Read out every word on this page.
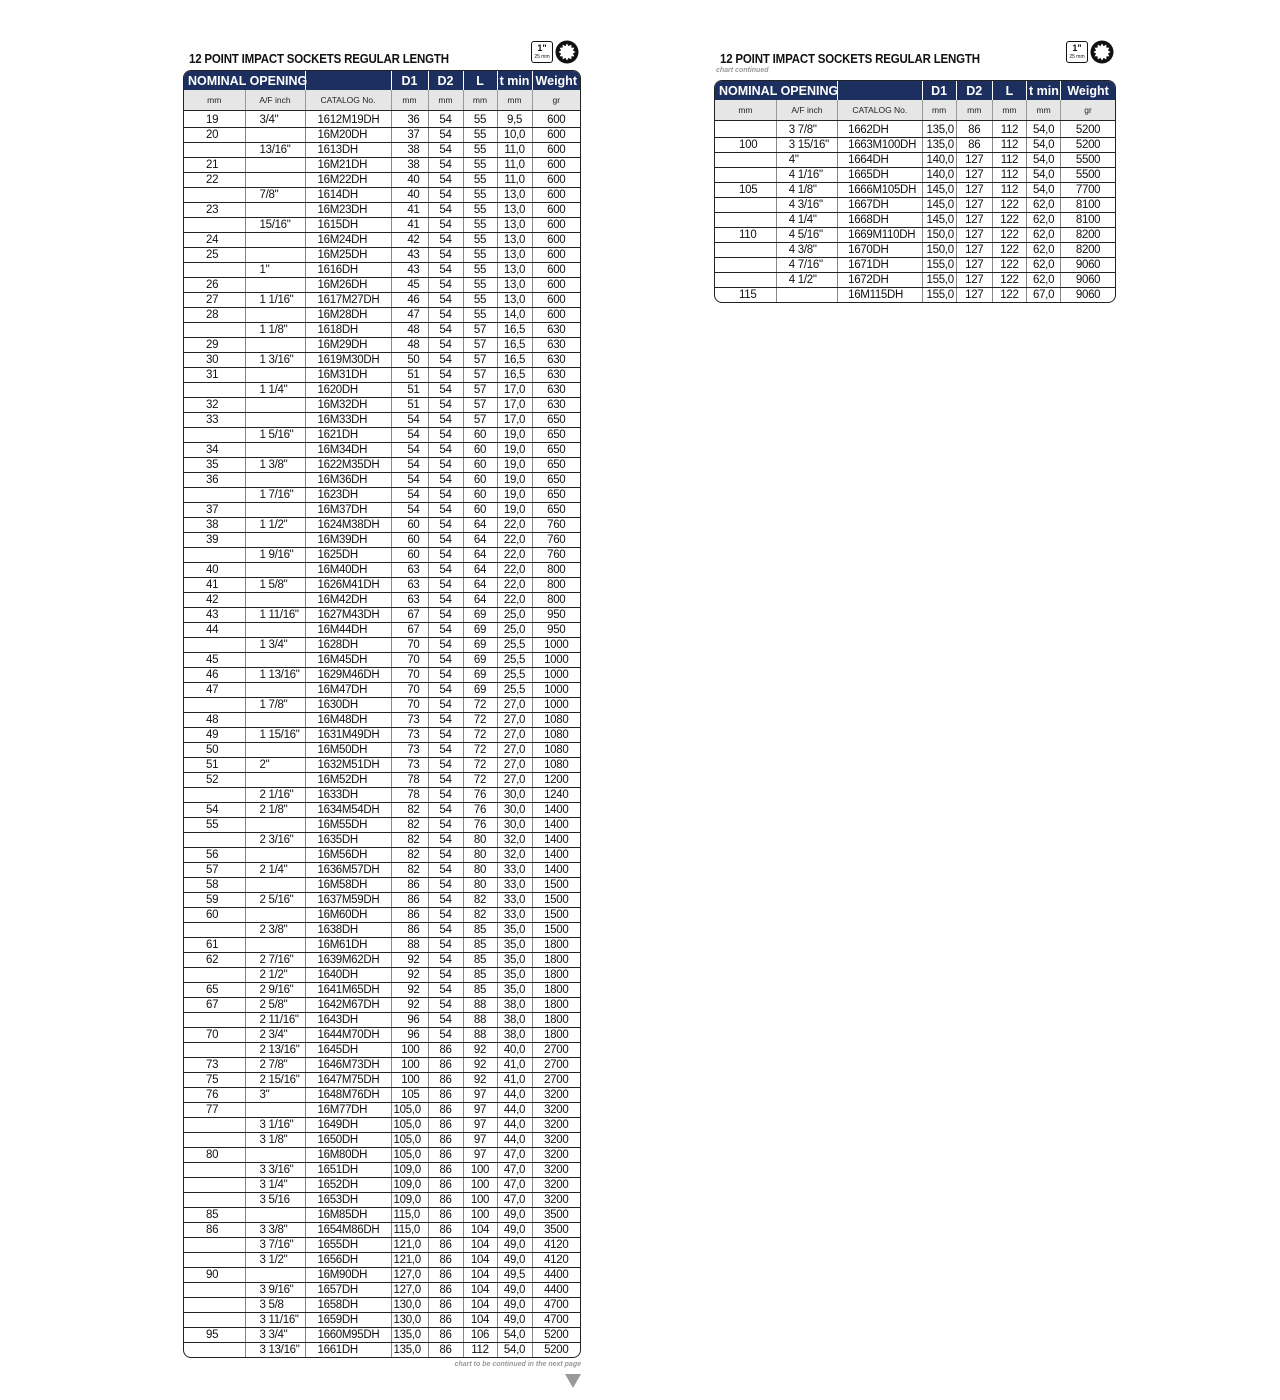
12 POINT IMPACT SOCKETS REGULAR LENGTH
1"
25 mm
NOMINAL OPENING			D1	D2	L	t min	Weight
mm	A/F inch	CATALOG No.	mm	mm	mm	mm	gr
19	3/4"	1612M19DH	36	54	55	9,5	600
20		16M20DH	37	54	55	10,0	600
	13/16"	1613DH	38	54	55	11,0	600
21		16M21DH	38	54	55	11,0	600
22		16M22DH	40	54	55	11,0	600
	7/8"	1614DH	40	54	55	13,0	600
23		16M23DH	41	54	55	13,0	600
	15/16"	1615DH	41	54	55	13,0	600
24		16M24DH	42	54	55	13,0	600
25		16M25DH	43	54	55	13,0	600
	1"	1616DH	43	54	55	13,0	600
26		16M26DH	45	54	55	13,0	600
27	1 1/16"	1617M27DH	46	54	55	13,0	600
28		16M28DH	47	54	55	14,0	600
	1 1/8"	1618DH	48	54	57	16,5	630
29		16M29DH	48	54	57	16,5	630
30	1 3/16"	1619M30DH	50	54	57	16,5	630
31		16M31DH	51	54	57	16,5	630
	1 1/4"	1620DH	51	54	57	17,0	630
32		16M32DH	51	54	57	17,0	630
33		16M33DH	54	54	57	17,0	650
	1 5/16"	1621DH	54	54	60	19,0	650
34		16M34DH	54	54	60	19,0	650
35	1 3/8"	1622M35DH	54	54	60	19,0	650
36		16M36DH	54	54	60	19,0	650
	1 7/16"	1623DH	54	54	60	19,0	650
37		16M37DH	54	54	60	19,0	650
38	1 1/2"	1624M38DH	60	54	64	22,0	760
39		16M39DH	60	54	64	22,0	760
	1 9/16"	1625DH	60	54	64	22,0	760
40		16M40DH	63	54	64	22,0	800
41	1 5/8"	1626M41DH	63	54	64	22,0	800
42		16M42DH	63	54	64	22,0	800
43	1 11/16"	1627M43DH	67	54	69	25,0	950
44		16M44DH	67	54	69	25,0	950
	1 3/4"	1628DH	70	54	69	25,5	1000
45		16M45DH	70	54	69	25,5	1000
46	1 13/16"	1629M46DH	70	54	69	25,5	1000
47		16M47DH	70	54	69	25,5	1000
	1 7/8"	1630DH	70	54	72	27,0	1000
48		16M48DH	73	54	72	27,0	1080
49	1 15/16"	1631M49DH	73	54	72	27,0	1080
50		16M50DH	73	54	72	27,0	1080
51	2"	1632M51DH	73	54	72	27,0	1080
52		16M52DH	78	54	72	27,0	1200
	2 1/16"	1633DH	78	54	76	30,0	1240
54	2 1/8"	1634M54DH	82	54	76	30,0	1400
55		16M55DH	82	54	76	30,0	1400
	2 3/16"	1635DH	82	54	80	32,0	1400
56		16M56DH	82	54	80	32,0	1400
57	2 1/4"	1636M57DH	82	54	80	33,0	1400
58		16M58DH	86	54	80	33,0	1500
59	2 5/16"	1637M59DH	86	54	82	33,0	1500
60		16M60DH	86	54	82	33,0	1500
	2 3/8"	1638DH	86	54	85	35,0	1500
61		16M61DH	88	54	85	35,0	1800
62	2 7/16"	1639M62DH	92	54	85	35,0	1800
	2 1/2"	1640DH	92	54	85	35,0	1800
65	2 9/16"	1641M65DH	92	54	85	35,0	1800
67	2 5/8"	1642M67DH	92	54	88	38,0	1800
	2 11/16"	1643DH	96	54	88	38,0	1800
70	2 3/4"	1644M70DH	96	54	88	38,0	1800
	2 13/16"	1645DH	100	86	92	40,0	2700
73	2 7/8"	1646M73DH	100	86	92	41,0	2700
75	2 15/16"	1647M75DH	100	86	92	41,0	2700
76	3"	1648M76DH	105	86	97	44,0	3200
77		16M77DH	105,0	86	97	44,0	3200
	3 1/16"	1649DH	105,0	86	97	44,0	3200
	3 1/8"	1650DH	105,0	86	97	44,0	3200
80		16M80DH	105,0	86	97	47,0	3200
	3 3/16"	1651DH	109,0	86	100	47,0	3200
	3 1/4"	1652DH	109,0	86	100	47,0	3200
	3 5/16	1653DH	109,0	86	100	47,0	3200
85		16M85DH	115,0	86	100	49,0	3500
86	3 3/8"	1654M86DH	115,0	86	104	49,0	3500
	3 7/16"	1655DH	121,0	86	104	49,0	4120
	3 1/2"	1656DH	121,0	86	104	49,0	4120
90		16M90DH	127,0	86	104	49,5	4400
	3 9/16"	1657DH	127,0	86	104	49,0	4400
	3 5/8	1658DH	130,0	86	104	49,0	4700
	3 11/16"	1659DH	130,0	86	104	49,0	4700
95	3 3/4"	1660M95DH	135,0	86	106	54,0	5200
	3 13/16"	1661DH	135,0	86	112	54,0	5200
chart to be continued in the next page
12 POINT IMPACT SOCKETS REGULAR LENGTH
chart continued
1"
25 mm
NOMINAL OPENING			D1	D2	L	t min	Weight
mm	A/F inch	CATALOG No.	mm	mm	mm	mm	gr
	3 7/8"	1662DH	135,0	86	112	54,0	5200
100	3 15/16"	1663M100DH	135,0	86	112	54,0	5200
	4"	1664DH	140,0	127	112	54,0	5500
	4 1/16"	1665DH	140,0	127	112	54,0	5500
105	4 1/8"	1666M105DH	145,0	127	112	54,0	7700
	4 3/16"	1667DH	145,0	127	122	62,0	8100
	4 1/4"	1668DH	145,0	127	122	62,0	8100
110	4 5/16"	1669M110DH	150,0	127	122	62,0	8200
	4 3/8"	1670DH	150,0	127	122	62,0	8200
	4 7/16"	1671DH	155,0	127	122	62,0	9060
	4 1/2"	1672DH	155,0	127	122	62,0	9060
115		16M115DH	155,0	127	122	67,0	9060
